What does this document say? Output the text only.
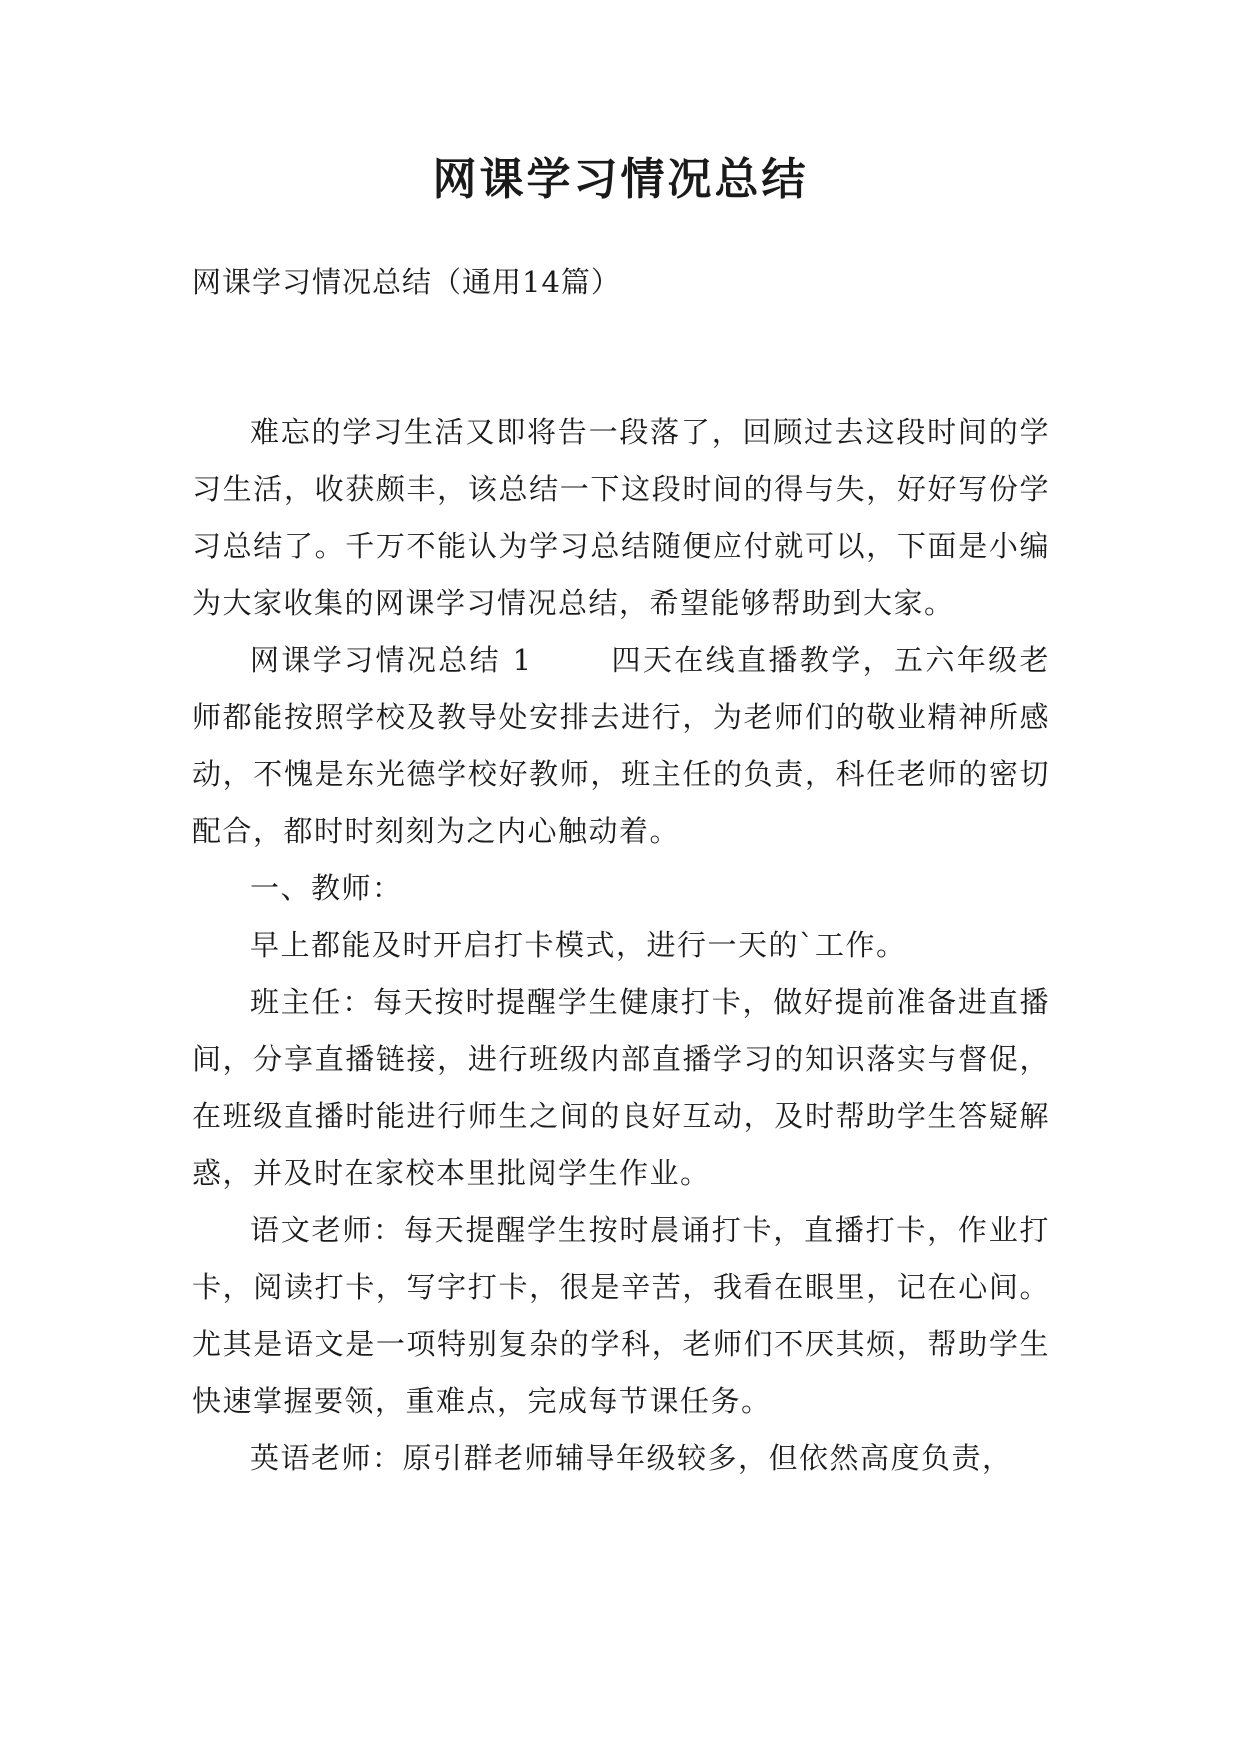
网课学习情况总结
网课学习情况总结（通用14篇）

难忘的学习生活又即将告一段落了，回顾过去这段时间的学习生活，收获颇丰，该总结一下这段时间的得与失，好好写份学习总结了。千万不能认为学习总结随便应付就可以，下面是小编为大家收集的网课学习情况总结，希望能够帮助到大家。

网课学习情况总结 1	四天在线直播教学，五六年级老师都能按照学校及教导处安排去进行，为老师们的敬业精神所感动，不愧是东光德学校好教师，班主任的负责，科任老师的密切配合，都时时刻刻为之内心触动着。

一、教师：

早上都能及时开启打卡模式，进行一天的`工作。

班主任：每天按时提醒学生健康打卡，做好提前准备进直播间，分享直播链接，进行班级内部直播学习的知识落实与督促，在班级直播时能进行师生之间的良好互动，及时帮助学生答疑解惑，并及时在家校本里批阅学生作业。

语文老师：每天提醒学生按时晨诵打卡，直播打卡，作业打卡，阅读打卡，写字打卡，很是辛苦，我看在眼里，记在心间。尤其是语文是一项特别复杂的学科，老师们不厌其烦，帮助学生快速掌握要领，重难点，完成每节课任务。

英语老师：原引群老师辅导年级较多，但依然高度负责，
